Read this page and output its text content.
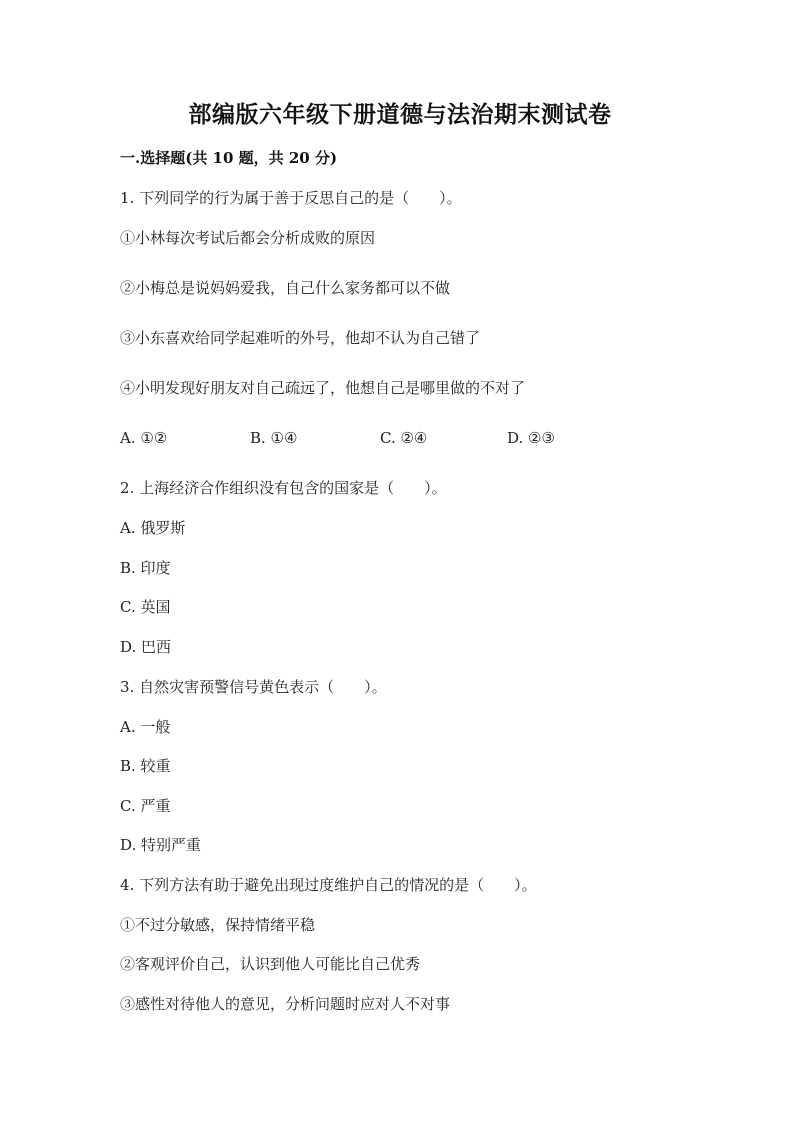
部编版六年级下册道德与法治期末测试卷
一.选择题(共 10 题，共 20 分)
1. 下列同学的行为属于善于反思自己的是（　　）。
①小林每次考试后都会分析成败的原因
②小梅总是说妈妈爱我，自己什么家务都可以不做
③小东喜欢给同学起难听的外号，他却不认为自己错了
④小明发现好朋友对自己疏远了，他想自己是哪里做的不对了
A. ①②	B. ①④	C. ②④	D. ②③
2. 上海经济合作组织没有包含的国家是（　　）。
A. 俄罗斯
B. 印度
C. 英国
D. 巴西
3. 自然灾害预警信号黄色表示（　　）。
A. 一般
B. 较重
C. 严重
D. 特别严重
4. 下列方法有助于避免出现过度维护自己的情况的是（　　）。
①不过分敏感，保持情绪平稳
②客观评价自己，认识到他人可能比自己优秀
③感性对待他人的意见，分析问题时应对人不对事
